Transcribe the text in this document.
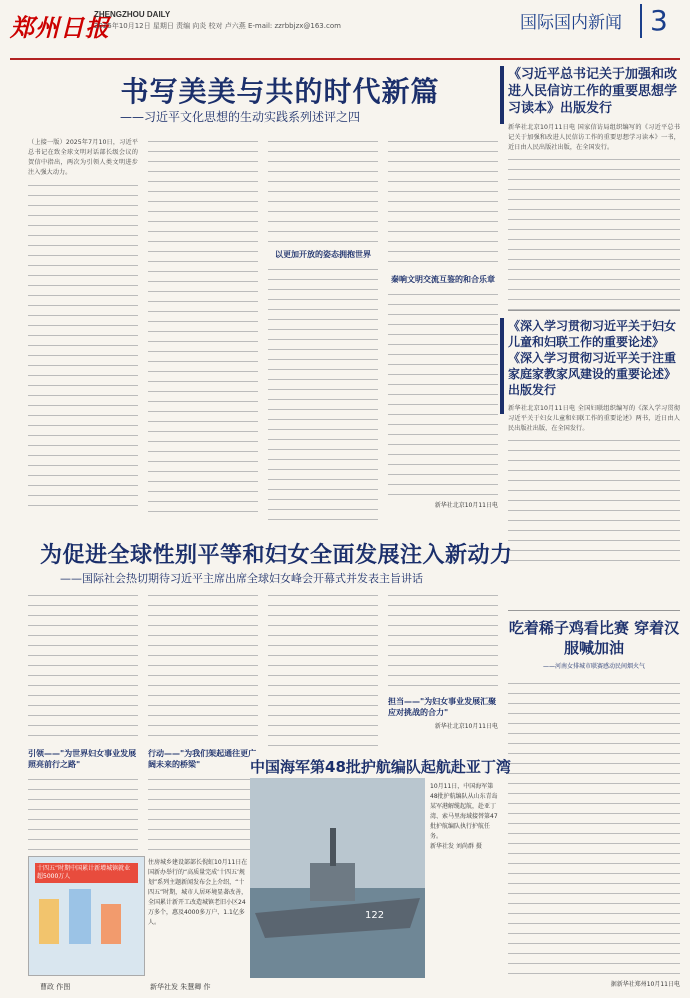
郑州日报
ZHENGZHOU DAILY
2025年10月12日 星期日 责编 向炎 校对 卢六燕 E-mail: zzrbbjzx@163.com	国际国内新闻	3
书写美美与共的时代新篇
——习近平文化思想的生动实践系列述评之四
（上接一版）2025年7月10日，习近平总书记在致全球文明对话部长级会议的贺信中指出，两次为引领人类文明进步注入强大动力。
以更加开放的姿态拥抱世界
秦响文明交流互鉴的和合乐章
新华社北京10月11日电
《习近平总书记关于加强和改进人民信访工作的重要思想学习读本》出版发行
新华社北京10月11日电 国家信访局组织编写的《习近平总书记关于加强和改进人民信访工作的重要思想学习读本》一书，近日由人民出版社出版，在全国发行。
《深入学习贯彻习近平关于妇女儿童和妇联工作的重要论述》《深入学习贯彻习近平关于注重家庭家教家风建设的重要论述》出版发行
新华社北京10月11日电 全国妇联组织编写的《深入学习贯彻习近平关于妇女儿童和妇联工作的重要论述》两书，近日由人民出版社出版，在全国发行。
吃着稀子鸡看比赛 穿着汉服喊加油
——河南女排城市联赛感动民间烟火气
据新华社郑州10月11日电
为促进全球性别平等和妇女全面发展注入新动力
——国际社会热切期待习近平主席出席全球妇女峰会开幕式并发表主旨讲话
引领——"为世界妇女事业发展照亮前行之路"
行动——"为我们架起通往更广阔未来的桥梁"
担当——"为妇女事业发展汇聚应对挑战的合力"
新华社北京10月11日电
中国海军第48批护航编队起航赴亚丁湾
122
10月11日，中国海军第48批护航编队从山东青岛某军港解缆起航，赴亚丁湾、索马里海域接替第47批护航编队执行护航任务。
新华社发 刘尚群 摄
十四五”时期中国累计新增城镇就业超5000万人
住房城乡建设部部长倪虹10月11日在国新办举行的“高质量完成‘十四五’规划”系列主题新闻发布会上介绍，“十四五”时期，城市人居环境显著改善，全国累计新开工改造城镇老旧小区24万多个，惠及4000多万户、1.1亿多人。
曹政 作图	新华社发 朱慧卿 作
